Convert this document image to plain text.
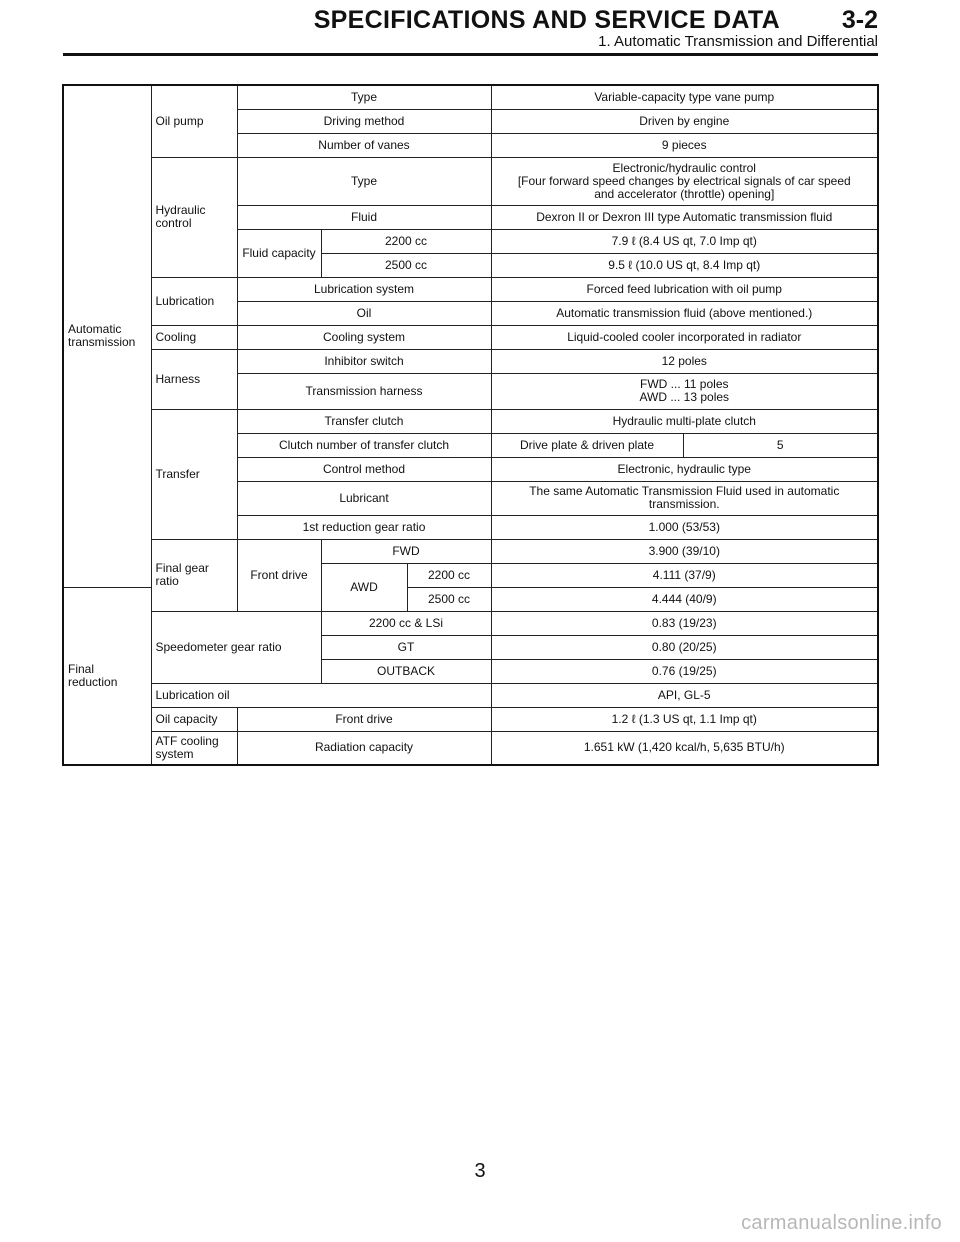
SPECIFICATIONS AND SERVICE DATA 3-2
1. Automatic Transmission and Differential
Automatic transmission	Oil pump	Type			Variable-capacity type vane pump	
		Driving method			Driven by engine	
		Number of vanes			9 pieces	
	Hydraulic control	Type			Electronic/hydraulic control
[Four forward speed changes by electrical signals of car speed
and accelerator (throttle) opening]	

		Fluid			Dexron II or Dexron III type Automatic transmission fluid	
		Fluid capacity	2200 cc		7.9 ℓ (8.4 US qt, 7.0 Imp qt)	
			2500 cc		9.5 ℓ (10.0 US qt, 8.4 Imp qt)	
	Lubrication	Lubrication system			Forced feed lubrication with oil pump	
		Oil			Automatic transmission fluid (above mentioned.)	
	Cooling	Cooling system			Liquid-cooled cooler incorporated in radiator	
	Harness	Inhibitor switch			12 poles	
		Transmission harness			FWD ... 11 poles
AWD ... 13 poles	

	Transfer	Transfer clutch			Hydraulic multi-plate clutch	
		Clutch number of transfer clutch			Drive plate & driven plate	5
		Control method			Electronic, hydraulic type	
		Lubricant			The same Automatic Transmission Fluid used in automatic
transmission.	

		1st reduction gear ratio			1.000 (53/53)	
	Final gear ratio	Front drive	FWD		3.900 (39/10)	
			AWD	2200 cc	4.111 (37/9)	
Final reduction				2500 cc	4.444 (40/9)	
	Speedometer gear ratio		2200 cc & LSi		0.83 (19/23)	
			GT		0.80 (20/25)	
			OUTBACK		0.76 (19/25)	
	Lubrication oil				API, GL-5	
	Oil capacity	Front drive			1.2 ℓ (1.3 US qt, 1.1 Imp qt)	
	ATF cooling system	Radiation capacity			1.651 kW (1,420 kcal/h, 5,635 BTU/h)	
3
carmanualsonline.info
